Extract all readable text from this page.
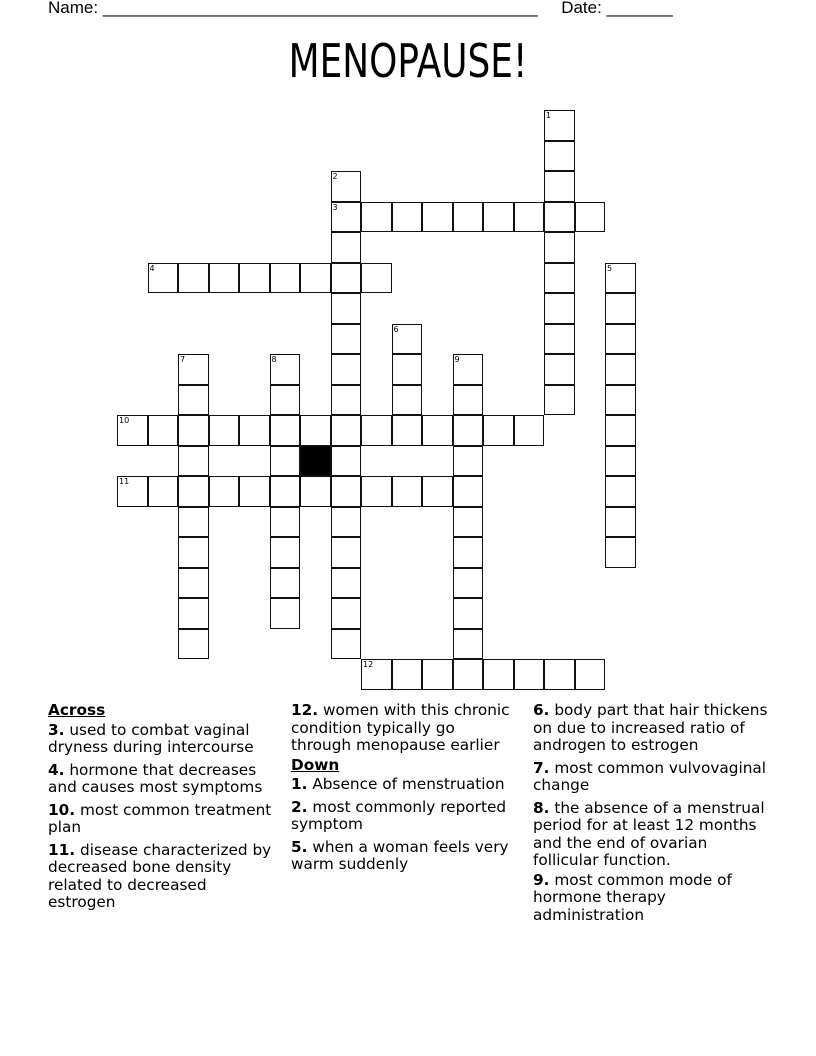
Name: ______________________________________________ Date: _______
MENOPAUSE!
1
2
3
4	5
6
7	8	9
10
11
12
Across
3. used to combat vaginal dryness during intercourse
4. hormone that decreases and causes most symptoms
10. most common treatment plan
11. disease characterized by decreased bone density related to decreased estrogen
12. women with this chronic condition typically go through menopause earlier
Down
1. Absence of menstruation
2. most commonly reported symptom
5. when a woman feels very warm suddenly
6. body part that hair thickens on due to increased ratio of androgen to estrogen
7. most common vulvovaginal change
8. the absence of a menstrual period for at least 12 months and the end of ovarian follicular function.
9. most common mode of hormone therapy administration
